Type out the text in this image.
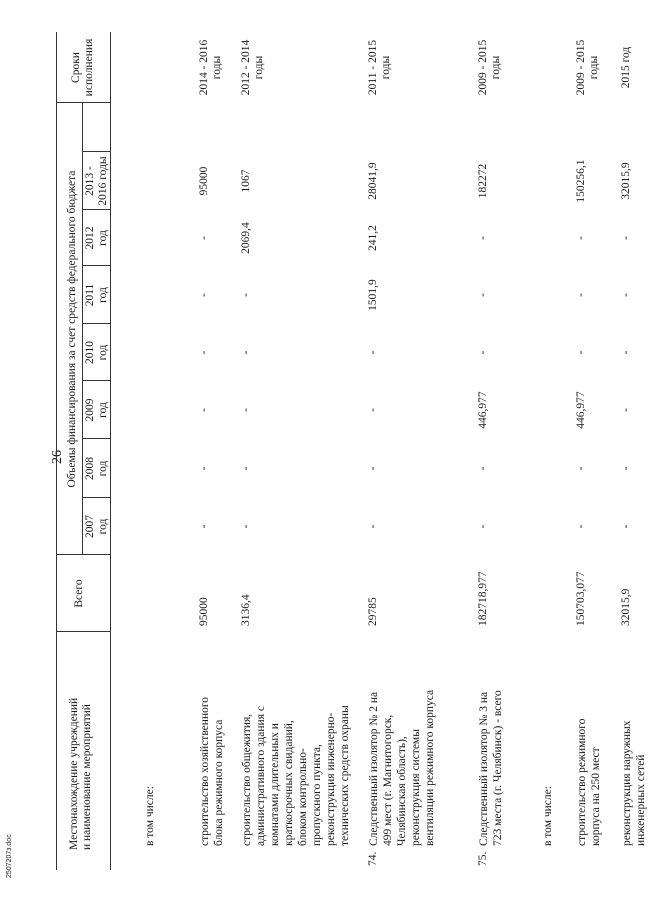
26
2507207з.doc
Местонахождение учреждений и наименование мероприятий
Всего
Объемы финансирования за счет средств федерального бюджета
2007 год
2008 год
2009 год
2010 год
2011 год
2012 год
2013 - 2016 годы
Сроки исполнения
в том числе:	строительство хозяйственного блока режимного корпуса
95000
-
-
-
-
-
-
95000
2014 - 2016 годы
строительство общежития, административного здания с комнатами длительных и краткосрочных свиданий, блоком контрольно- пропускного пункта, реконструкция инженерно- технических средств охраны
3136,4
-
-
-
-
-
2069,4
1067
2012 - 2014 годы
74.
Следственный изолятор № 2 на 499 мест (г. Магнитогорск, Челябинская область), реконструкция системы вентиляции режимного корпуса
29785
-
-
-
-
1501,9
241,2
28041,9
2011 - 2015 годы
75.
Следственный изолятор № 3 на 723 места (г. Челябинск) - всего
182718,977
-
-
446,977
-
-
-
182272
2009 - 2015 годы
в том числе: строительство режимного корпуса на 250 мест
150703,077
-
-
446,977
-
-
-
150256,1
2009 - 2015 годы
реконструкция наружных инженерных сетей
32015,9
-
-
-
-
-
-
32015,9
2015 год
